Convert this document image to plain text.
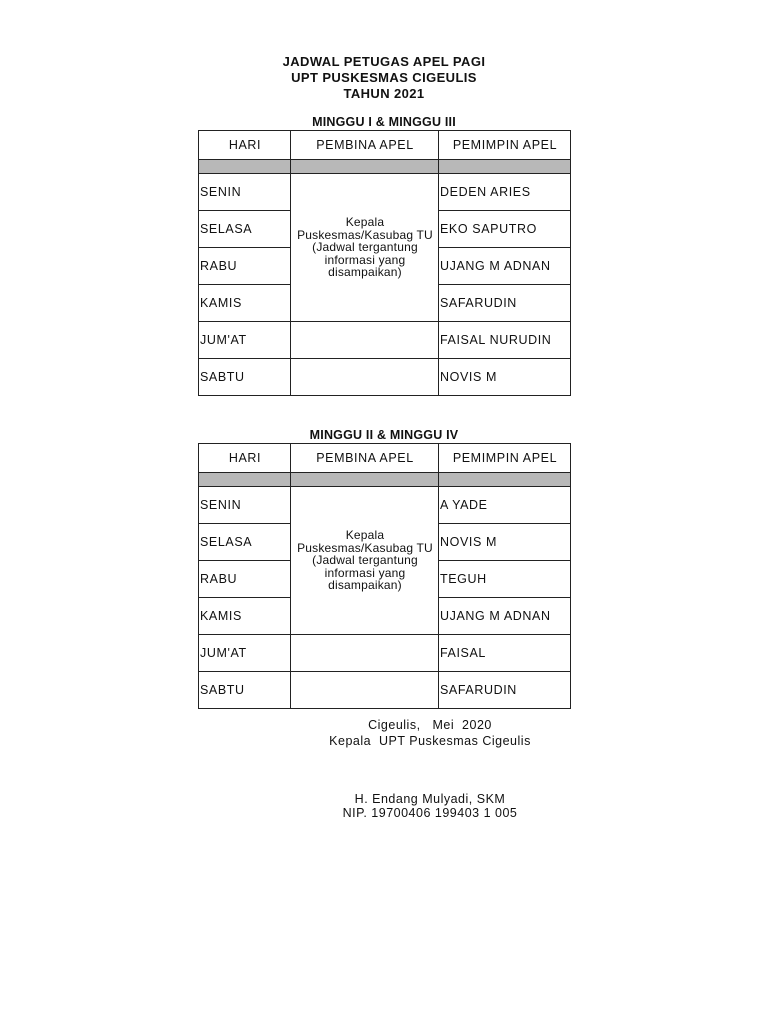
JADWAL PETUGAS APEL PAGI
UPT PUSKESMAS CIGEULIS
TAHUN 2021
MINGGU I & MINGGU III
HARI	PEMBINA APEL	PEMIMPIN APEL

SENIN	Kepala Puskesmas/Kasubag TU (Jadwal tergantung informasi yang disampaikan)	DEDEN ARIES
SELASA		EKO SAPUTRO
RABU		UJANG M ADNAN
KAMIS		SAFARUDIN
JUM'AT		FAISAL NURUDIN
SABTU		NOVIS M
MINGGU II & MINGGU IV
HARI	PEMBINA APEL	PEMIMPIN APEL

SENIN	Kepala Puskesmas/Kasubag TU (Jadwal tergantung informasi yang disampaikan)	A YADE
SELASA		NOVIS M
RABU		TEGUH
KAMIS		UJANG M ADNAN
JUM'AT		FAISAL
SABTU		SAFARUDIN
Cigeulis,   Mei  2020
Kepala  UPT Puskesmas Cigeulis
H. Endang Mulyadi, SKM
NIP. 19700406 199403 1 005
